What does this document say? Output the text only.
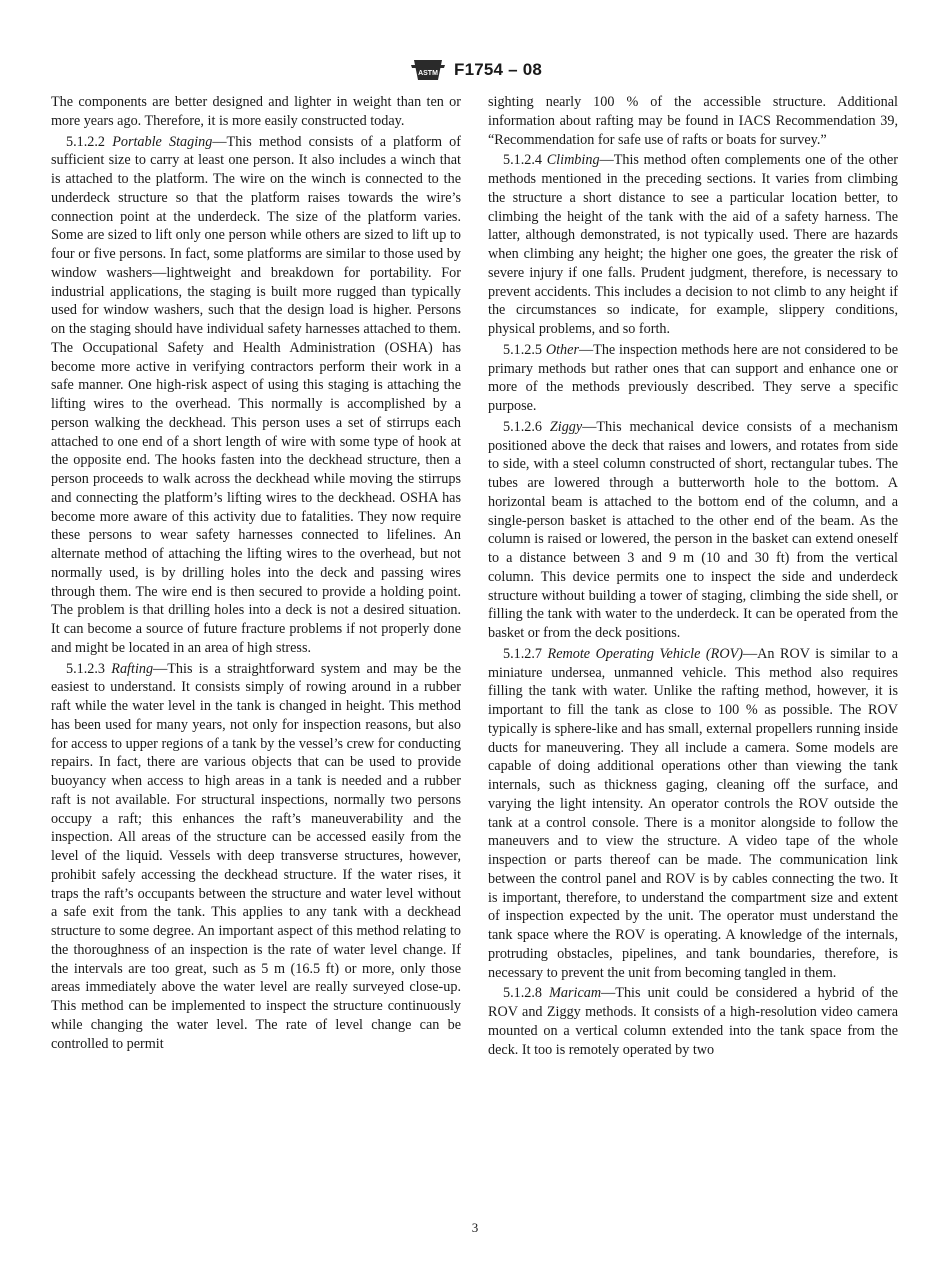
ASTM F1754 – 08

The components are better designed and lighter in weight than ten or more years ago. Therefore, it is more easily constructed today.

5.1.2.2 Portable Staging—This method consists of a platform of sufficient size to carry at least one person. It also includes a winch that is attached to the platform. The wire on the winch is connected to the underdeck structure so that the platform raises towards the wire’s connection point at the underdeck. The size of the platform varies. Some are sized to lift only one person while others are sized to lift up to four or five persons. In fact, some platforms are similar to those used by window washers—lightweight and breakdown for portability. For industrial applications, the staging is built more rugged than typically used for window washers, such that the design load is higher. Persons on the staging should have individual safety harnesses attached to them. The Occupational Safety and Health Administration (OSHA) has become more active in verifying contractors perform their work in a safe manner. One high-risk aspect of using this staging is attaching the lifting wires to the overhead. This normally is accomplished by a person walking the deckhead. This person uses a set of stirrups each attached to one end of a short length of wire with some type of hook at the opposite end. The hooks fasten into the deckhead structure, then a person proceeds to walk across the deckhead while moving the stirrups and connecting the platform’s lifting wires to the deckhead. OSHA has become more aware of this activity due to fatalities. They now require these persons to wear safety harnesses connected to lifelines. An alternate method of attaching the lifting wires to the overhead, but not normally used, is by drilling holes into the deck and passing wires through them. The wire end is then secured to provide a holding point. The problem is that drilling holes into a deck is not a desired situation. It can become a source of future fracture problems if not properly done and might be located in an area of high stress.

5.1.2.3 Rafting—This is a straightforward system and may be the easiest to understand. It consists simply of rowing around in a rubber raft while the water level in the tank is changed in height. This method has been used for many years, not only for inspection reasons, but also for access to upper regions of a tank by the vessel’s crew for conducting repairs. In fact, there are various objects that can be used to provide buoyancy when access to high areas in a tank is needed and a rubber raft is not available. For structural inspections, normally two persons occupy a raft; this enhances the raft’s maneuverability and the inspection. All areas of the structure can be accessed easily from the level of the liquid. Vessels with deep transverse structures, however, prohibit safely accessing the deckhead structure. If the water rises, it traps the raft’s occupants between the structure and water level without a safe exit from the tank. This applies to any tank with a deckhead structure to some degree. An important aspect of this method relating to the thoroughness of an inspection is the rate of water level change. If the intervals are too great, such as 5 m (16.5 ft) or more, only those areas immediately above the water level are really surveyed close-up. This method can be implemented to inspect the structure continuously while changing the water level. The rate of level change can be controlled to permit

sighting nearly 100 % of the accessible structure. Additional information about rafting may be found in IACS Recommendation 39, “Recommendation for safe use of rafts or boats for survey.”

5.1.2.4 Climbing—This method often complements one of the other methods mentioned in the preceding sections. It varies from climbing the structure a short distance to see a particular location better, to climbing the height of the tank with the aid of a safety harness. The latter, although demonstrated, is not typically used. There are hazards when climbing any height; the higher one goes, the greater the risk of severe injury if one falls. Prudent judgment, therefore, is necessary to prevent accidents. This includes a decision to not climb to any height if the circumstances so indicate, for example, slippery conditions, physical problems, and so forth.

5.1.2.5 Other—The inspection methods here are not considered to be primary methods but rather ones that can support and enhance one or more of the methods previously described. They serve a specific purpose.

5.1.2.6 Ziggy—This mechanical device consists of a mechanism positioned above the deck that raises and lowers, and rotates from side to side, with a steel column constructed of short, rectangular tubes. The tubes are lowered through a butterworth hole to the bottom. A horizontal beam is attached to the bottom end of the column, and a single-person basket is attached to the other end of the beam. As the column is raised or lowered, the person in the basket can extend oneself to a distance between 3 and 9 m (10 and 30 ft) from the vertical column. This device permits one to inspect the side and underdeck structure without building a tower of staging, climbing the side shell, or filling the tank with water to the underdeck. It can be operated from the basket or from the deck positions.

5.1.2.7 Remote Operating Vehicle (ROV)—An ROV is similar to a miniature undersea, unmanned vehicle. This method also requires filling the tank with water. Unlike the rafting method, however, it is important to fill the tank as close to 100 % as possible. The ROV typically is sphere-like and has small, external propellers running inside ducts for maneuvering. They all include a camera. Some models are capable of doing additional operations other than viewing the tank internals, such as thickness gaging, cleaning off the surface, and varying the light intensity. An operator controls the ROV outside the tank at a control console. There is a monitor alongside to follow the maneuvers and to view the structure. A video tape of the whole inspection or parts thereof can be made. The communication link between the control panel and ROV is by cables connecting the two. It is important, therefore, to understand the compartment size and extent of inspection expected by the unit. The operator must understand the tank space where the ROV is operating. A knowledge of the internals, protruding obstacles, pipelines, and tank boundaries, therefore, is necessary to prevent the unit from becoming tangled in them.

5.1.2.8 Maricam—This unit could be considered a hybrid of the ROV and Ziggy methods. It consists of a high-resolution video camera mounted on a vertical column extended into the tank space from the deck. It too is remotely operated by two

3
